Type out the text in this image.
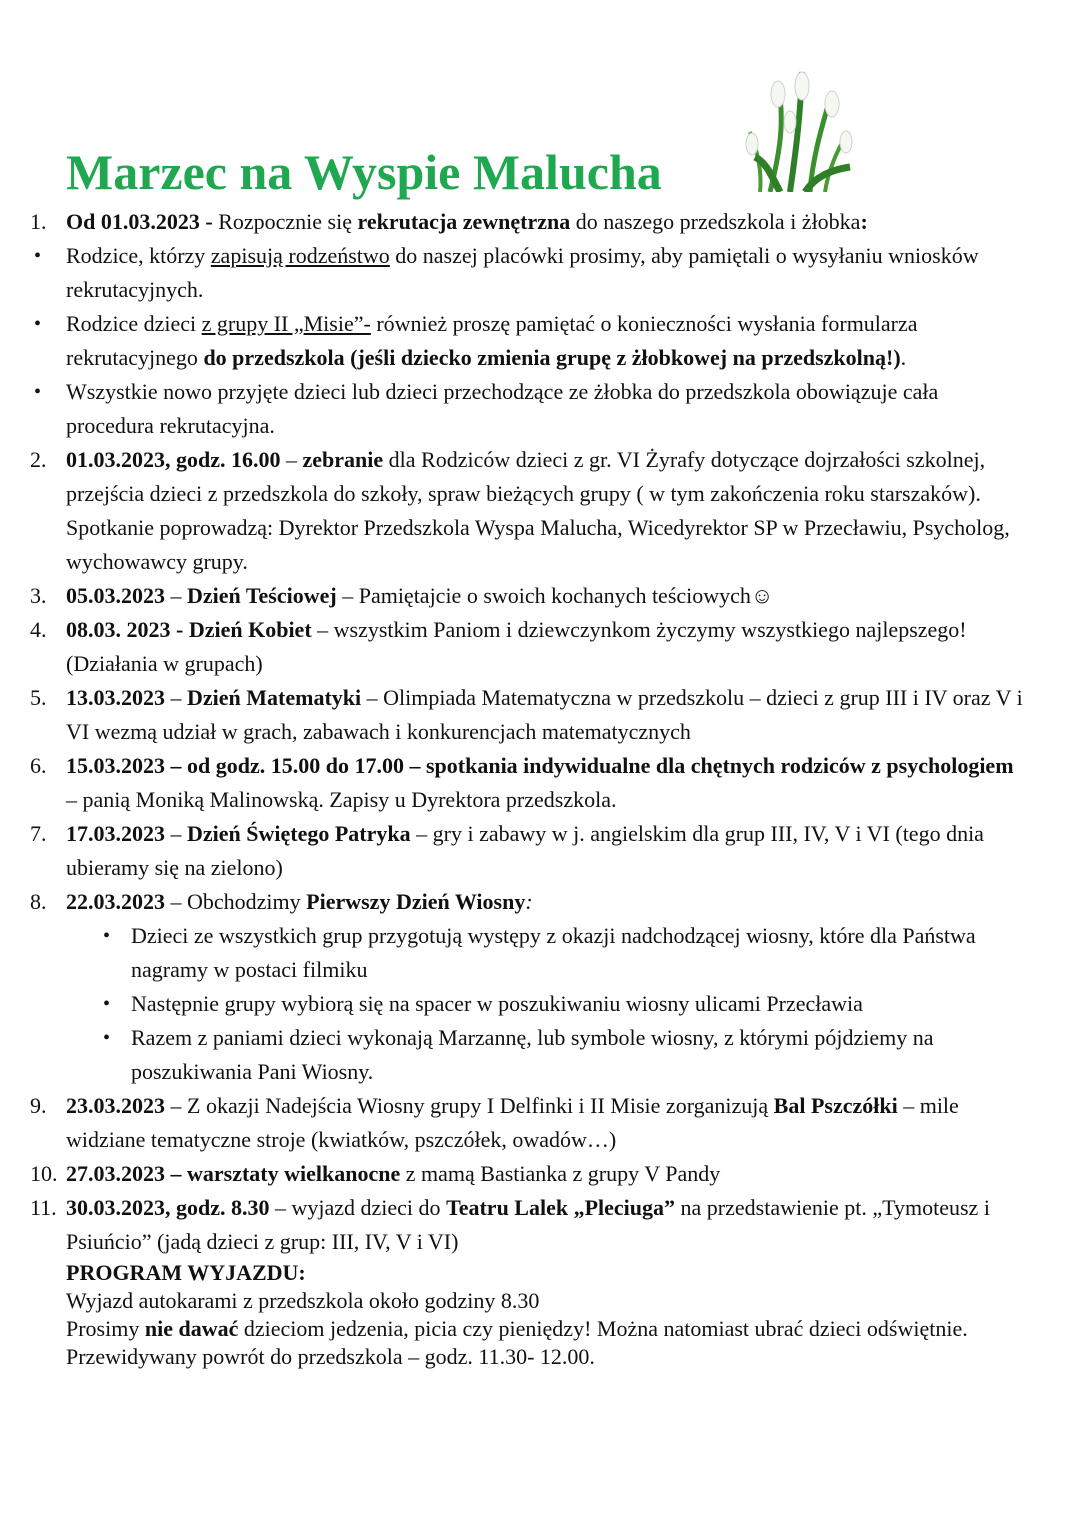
Marzec na Wyspie Malucha
1. Od 01.03.2023 - Rozpocznie się rekrutacja zewnętrzna do naszego przedszkola i żłobka:
• Rodzice, którzy zapisują rodzeństwo do naszej placówki prosimy, aby pamiętali o wysyłaniu wniosków rekrutacyjnych.
• Rodzice dzieci z grupy II „Misie”- również proszę pamiętać o konieczności wysłania formularza rekrutacyjnego do przedszkola (jeśli dziecko zmienia grupę z żłobkowej na przedszkolną!).
• Wszystkie nowo przyjęte dzieci lub dzieci przechodzące ze żłobka do przedszkola obowiązuje cała procedura rekrutacyjna.
2. 01.03.2023, godz. 16.00 – zebranie dla Rodziców dzieci z gr. VI Żyrafy dotyczące dojrzałości szkolnej, przejścia dzieci z przedszkola do szkoły, spraw bieżących grupy ( w tym zakończenia roku starszaków). Spotkanie poprowadzą: Dyrektor Przedszkola Wyspa Malucha, Wicedyrektor SP w Przecławiu, Psycholog, wychowawcy grupy.
3. 05.03.2023 – Dzień Teściowej – Pamiętajcie o swoich kochanych teściowych☺
4. 08.03. 2023 - Dzień Kobiet – wszystkim Paniom i dziewczynkom życzymy wszystkiego najlepszego! (Działania w grupach)
5. 13.03.2023 – Dzień Matematyki – Olimpiada Matematyczna w przedszkolu – dzieci z grup III i IV oraz V i VI wezmą udział w grach, zabawach i konkurencjach matematycznych
6. 15.03.2023 – od godz. 15.00 do 17.00 – spotkania indywidualne dla chętnych rodziców z psychologiem – panią Moniką Malinowską. Zapisy u Dyrektora przedszkola.
7. 17.03.2023 – Dzień Świętego Patryka – gry i zabawy w j. angielskim dla grup III, IV, V i VI (tego dnia ubieramy się na zielono)
8. 22.03.2023 – Obchodzimy Pierwszy Dzień Wiosny:
• Dzieci ze wszystkich grup przygotują występy z okazji nadchodzącej wiosny, które dla Państwa nagramy w postaci filmiku
• Następnie grupy wybiorą się na spacer w poszukiwaniu wiosny ulicami Przecławia
• Razem z paniami dzieci wykonają Marzannę, lub symbole wiosny, z którymi pójdziemy na poszukiwania Pani Wiosny.
9. 23.03.2023 – Z okazji Nadejścia Wiosny grupy I Delfinki i II Misie zorganizują Bal Pszczółki – mile widziane tematyczne stroje (kwiatków, pszczółek, owadów…)
10. 27.03.2023 – warsztaty wielkanocne z mamą Bastianka z grupy V Pandy
11. 30.03.2023, godz. 8.30 – wyjazd dzieci do Teatru Lalek „Pleciuga” na przedstawienie pt. „Tymoteusz i Psiuńcio” (jadą dzieci z grup: III, IV, V i VI)
PROGRAM WYJAZDU:
Wyjazd autokarami z przedszkola około godziny 8.30
Prosimy nie dawać dzieciom jedzenia, picia czy pieniędzy! Można natomiast ubrać dzieci odświętnie.
Przewidywany powrót do przedszkola – godz. 11.30- 12.00.
